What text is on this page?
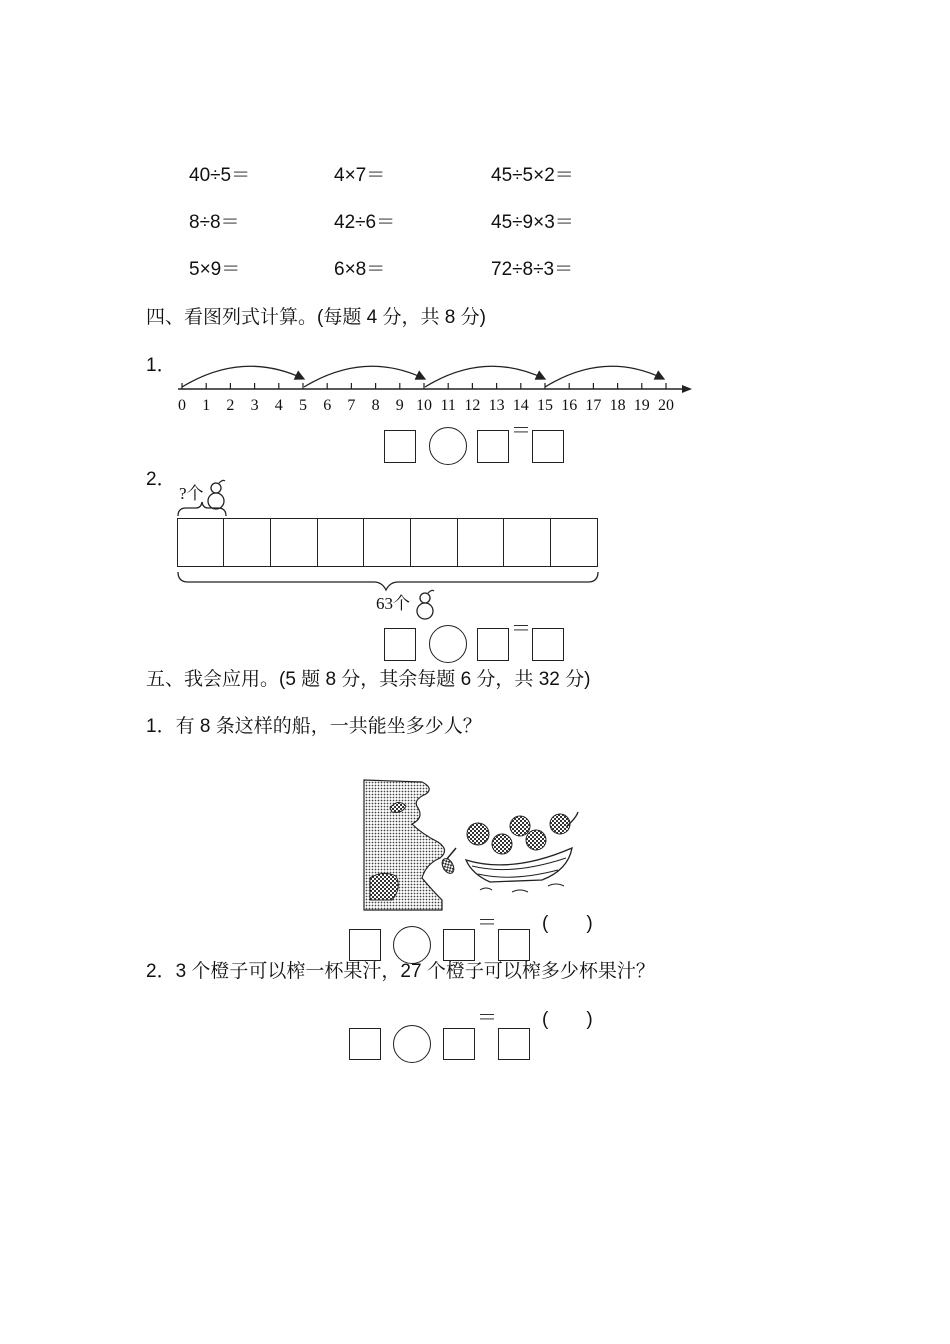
40÷5＝	4×7＝	45÷5×2＝
8÷8＝	42÷6＝	45÷9×3＝
5×9＝	6×8＝	72÷8÷3＝
四、看图列式计算。(每题 4 分，共 8 分)
1．
0 1 2 3 4 5 6 7 8 9 10 11 12 13 14 15 16 17 18 19 20
＝
2．
?个
63个
＝
五、我会应用。(5 题 8 分，其余每题 6 分，共 32 分)
1．有 8 条这样的船，一共能坐多少人？
＝ (　　)
2．3 个橙子可以榨一杯果汁，27 个橙子可以榨多少杯果汁？
＝ (　　)
